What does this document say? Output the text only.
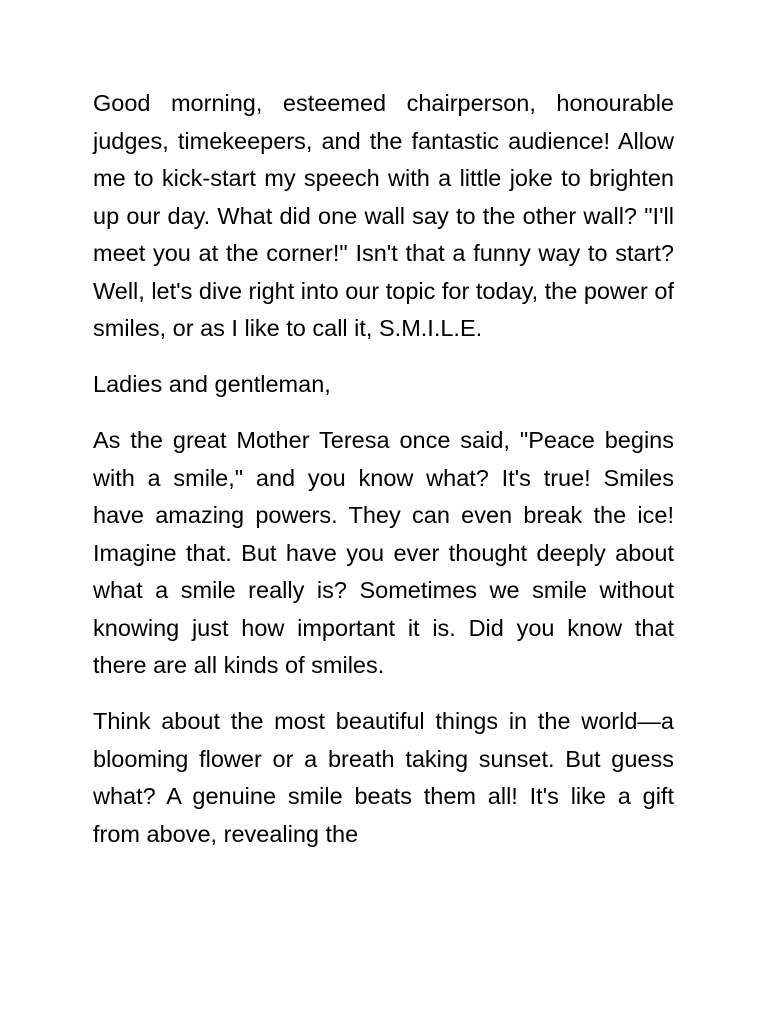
Good morning, esteemed chairperson, honourable judges, timekeepers, and the fantastic audience! Allow me to kick-start my speech with a little joke to brighten up our day. What did one wall say to the other wall? "I'll meet you at the corner!" Isn't that a funny way to start? Well, let's dive right into our topic for today, the power of smiles, or as I like to call it, S.M.I.L.E.

Ladies and gentleman,

As the great Mother Teresa once said, "Peace begins with a smile," and you know what? It's true! Smiles have amazing powers. They can even break the ice! Imagine that. But have you ever thought deeply about what a smile really is? Sometimes we smile without knowing just how important it is. Did you know that there are all kinds of smiles.

Think about the most beautiful things in the world—a blooming flower or a breath taking sunset. But guess what? A genuine smile beats them all! It's like a gift from above, revealing the
